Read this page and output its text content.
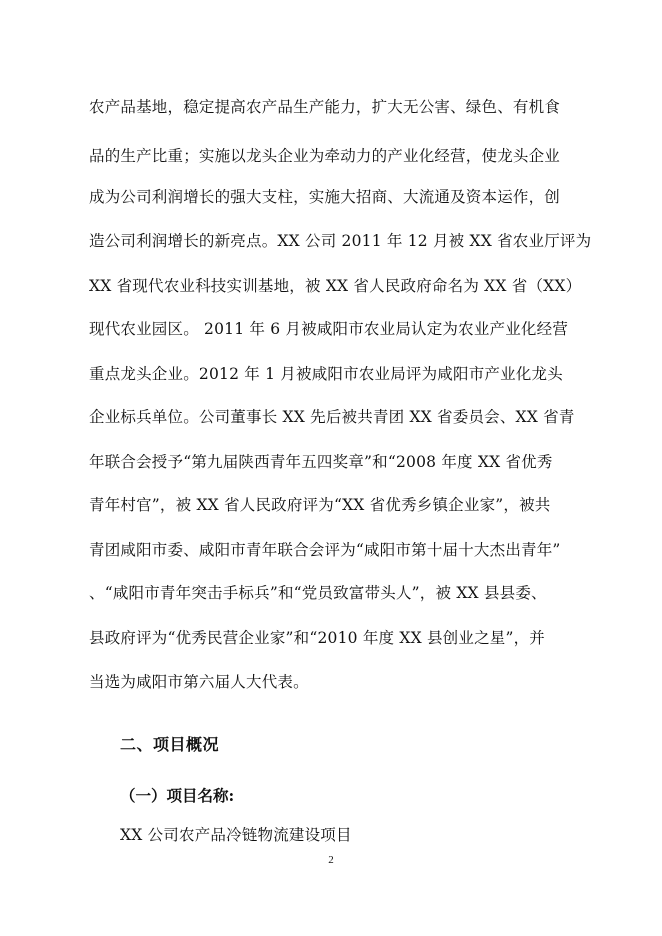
农产品基地，稳定提高农产品生产能力，扩大无公害、绿色、有机食
品的生产比重；实施以龙头企业为牵动力的产业化经营，使龙头企业
成为公司利润增长的强大支柱，实施大招商、大流通及资本运作，创
造公司利润增长的新亮点。XX 公司 2011 年 12 月被 XX 省农业厅评为
XX 省现代农业科技实训基地，被 XX 省人民政府命名为 XX 省（XX）
现代农业园区。 2011 年 6 月被咸阳市农业局认定为农业产业化经营
重点龙头企业。2012 年 1 月被咸阳市农业局评为咸阳市产业化龙头
企业标兵单位。公司董事长 XX 先后被共青团 XX 省委员会、XX 省青
年联合会授予“第九届陕西青年五四奖章”和“2008 年度 XX 省优秀
青年村官”，被 XX 省人民政府评为“XX 省优秀乡镇企业家”，被共
青团咸阳市委、咸阳市青年联合会评为“咸阳市第十届十大杰出青年”
、“咸阳市青年突击手标兵”和“党员致富带头人”，被 XX 县县委、
县政府评为“优秀民营企业家”和“2010 年度 XX 县创业之星”，并
当选为咸阳市第六届人大代表。
二、项目概况
（一）项目名称:
XX 公司农产品冷链物流建设项目
2
